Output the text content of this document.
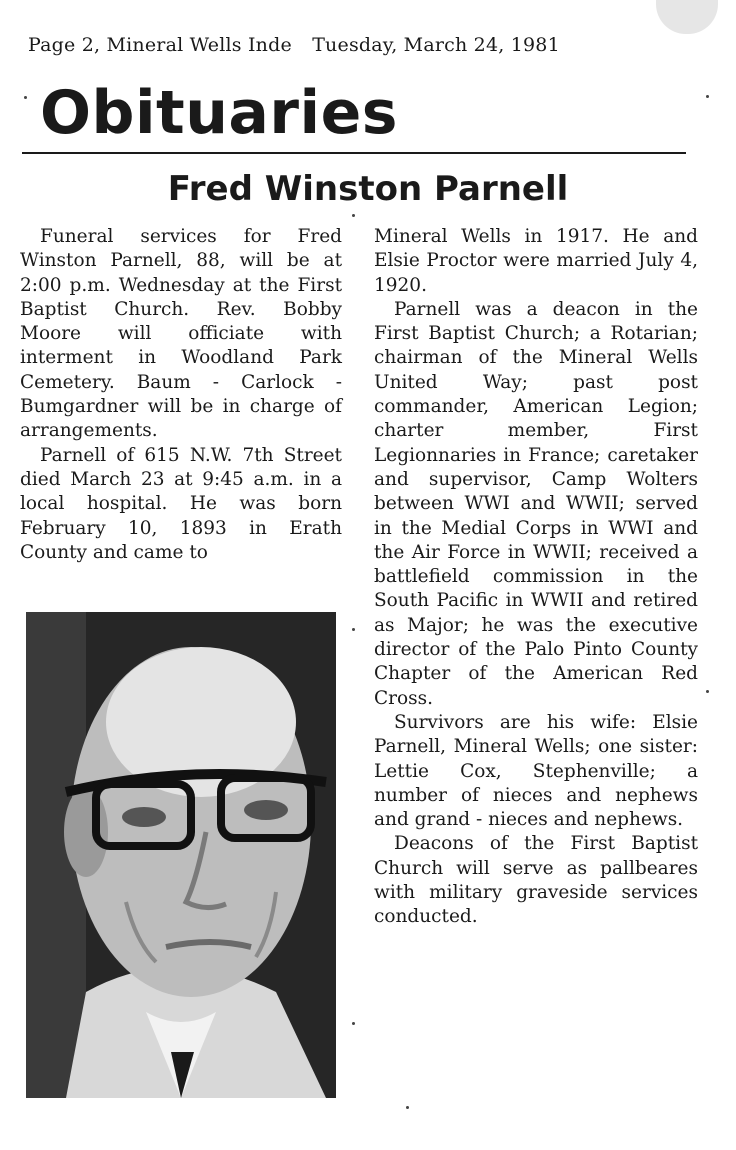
Page 2, Mineral Wells Inde Tuesday, March 24, 1981
Obituaries
Fred Winston Parnell

Funeral services for Fred Winston Parnell, 88, will be at 2:00 p.m. Wednesday at the First Baptist Church. Rev. Bobby Moore will officiate with interment in Woodland Park Cemetery. Baum - Carlock - Bumgardner will be in charge of arrangements.

Parnell of 615 N.W. 7th Street died March 23 at 9:45 a.m. in a local hospital. He was born February 10, 1893 in Erath County and came to

Mineral Wells in 1917. He and Elsie Proctor were married July 4, 1920.

Parnell was a deacon in the First Baptist Church; a Rotarian; chairman of the Mineral Wells United Way; past post commander, American Legion; charter member, First Legionnaries in France; caretaker and supervisor, Camp Wolters between WWI and WWII; served in the Medial Corps in WWI and the Air Force in WWII; received a battlefield commission in the South Pacific in WWII and retired as Major; he was the executive director of the Palo Pinto County Chapter of the American Red Cross.

Survivors are his wife: Elsie Parnell, Mineral Wells; one sister: Lettie Cox, Stephenville; a number of nieces and nephews and grand - nieces and nephews.

Deacons of the First Baptist Church will serve as pallbeares with military graveside services conducted.
